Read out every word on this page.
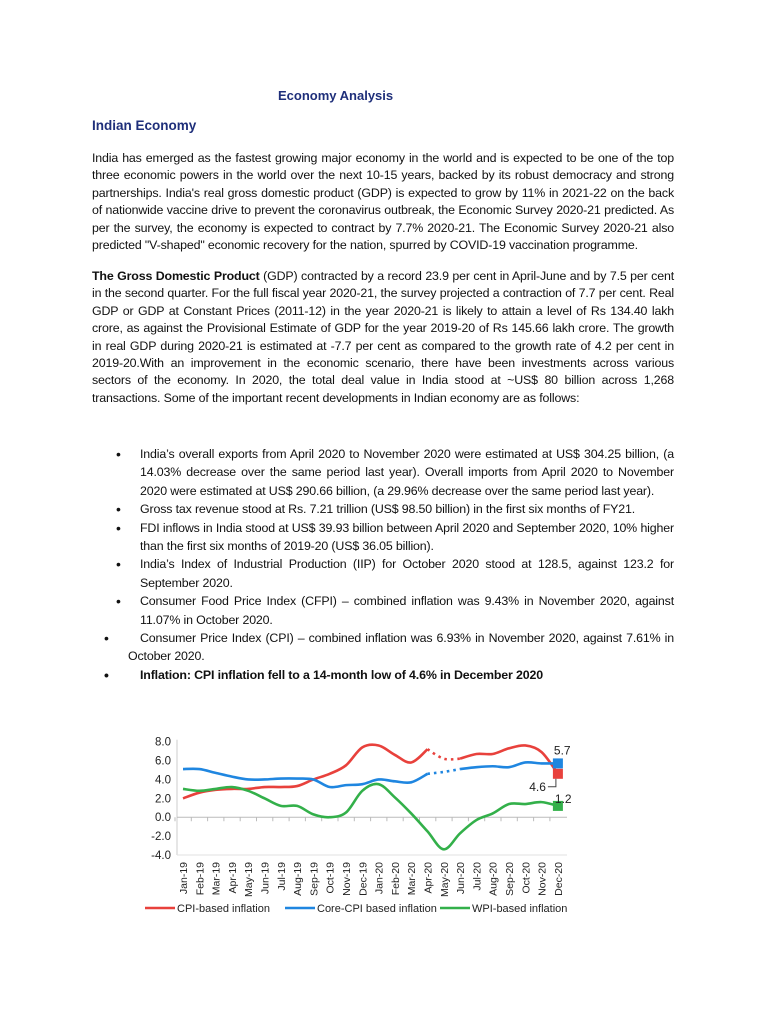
Economy Analysis
Indian Economy
India has emerged as the fastest growing major economy in the world and is expected to be one of the top three economic powers in the world over the next 10-15 years, backed by its robust democracy and strong partnerships. India's real gross domestic product (GDP) is expected to grow by 11% in 2021-22 on the back of nationwide vaccine drive to prevent the coronavirus outbreak, the Economic Survey 2020-21 predicted. As per the survey, the economy is expected to contract by 7.7% 2020-21. The Economic Survey 2020-21 also predicted "V-shaped" economic recovery for the nation, spurred by COVID-19 vaccination programme.
The Gross Domestic Product (GDP) contracted by a record 23.9 per cent in April-June and by 7.5 per cent in the second quarter. For the full fiscal year 2020-21, the survey projected a contraction of 7.7 per cent. Real GDP or GDP at Constant Prices (2011-12) in the year 2020-21 is likely to attain a level of Rs 134.40 lakh crore, as against the Provisional Estimate of GDP for the year 2019-20 of Rs 145.66 lakh crore. The growth in real GDP during 2020-21 is estimated at -7.7 per cent as compared to the growth rate of 4.2 per cent in 2019-20.With an improvement in the economic scenario, there have been investments across various sectors of the economy. In 2020, the total deal value in India stood at ~US$ 80 billion across 1,268 transactions. Some of the important recent developments in Indian economy are as follows:
• India’s overall exports from April 2020 to November 2020 were estimated at US$ 304.25 billion, (a 14.03% decrease over the same period last year). Overall imports from April 2020 to November 2020 were estimated at US$ 290.66 billion, (a 29.96% decrease over the same period last year).
• Gross tax revenue stood at Rs. 7.21 trillion (US$ 98.50 billion) in the first six months of FY21.
• FDI inflows in India stood at US$ 39.93 billion between April 2020 and September 2020, 10% higher than the first six months of 2019-20 (US$ 36.05 billion).
• India’s Index of Industrial Production (IIP) for October 2020 stood at 128.5, against 123.2 for September 2020.
• Consumer Food Price Index (CFPI) – combined inflation was 9.43% in November 2020, against 11.07% in October 2020.
•	Consumer Price Index (CPI) – combined inflation was 6.93% in November 2020, against 7.61% in October 2020.
•	Inflation: CPI inflation fell to a 14-month low of 4.6% in December 2020
Jan-19 Feb-19 Mar-19 Apr-19 May-19 Jun-19 Jul-19 Aug-19 Sep-19 Oct-19 Nov-19 Dec-19 Jan-20 Feb-20 Mar-20 Apr-20 May-20 Jun-20 Jul-20 Aug-20 Sep-20 Oct-20 Nov-20 Dec-20
8.0
6.0
4.0
2.0
0.0
-2.0
-4.0
5.7
4.6
1.2
CPI-based inflation	Core-CPI based inflation	WPI-based inflation
